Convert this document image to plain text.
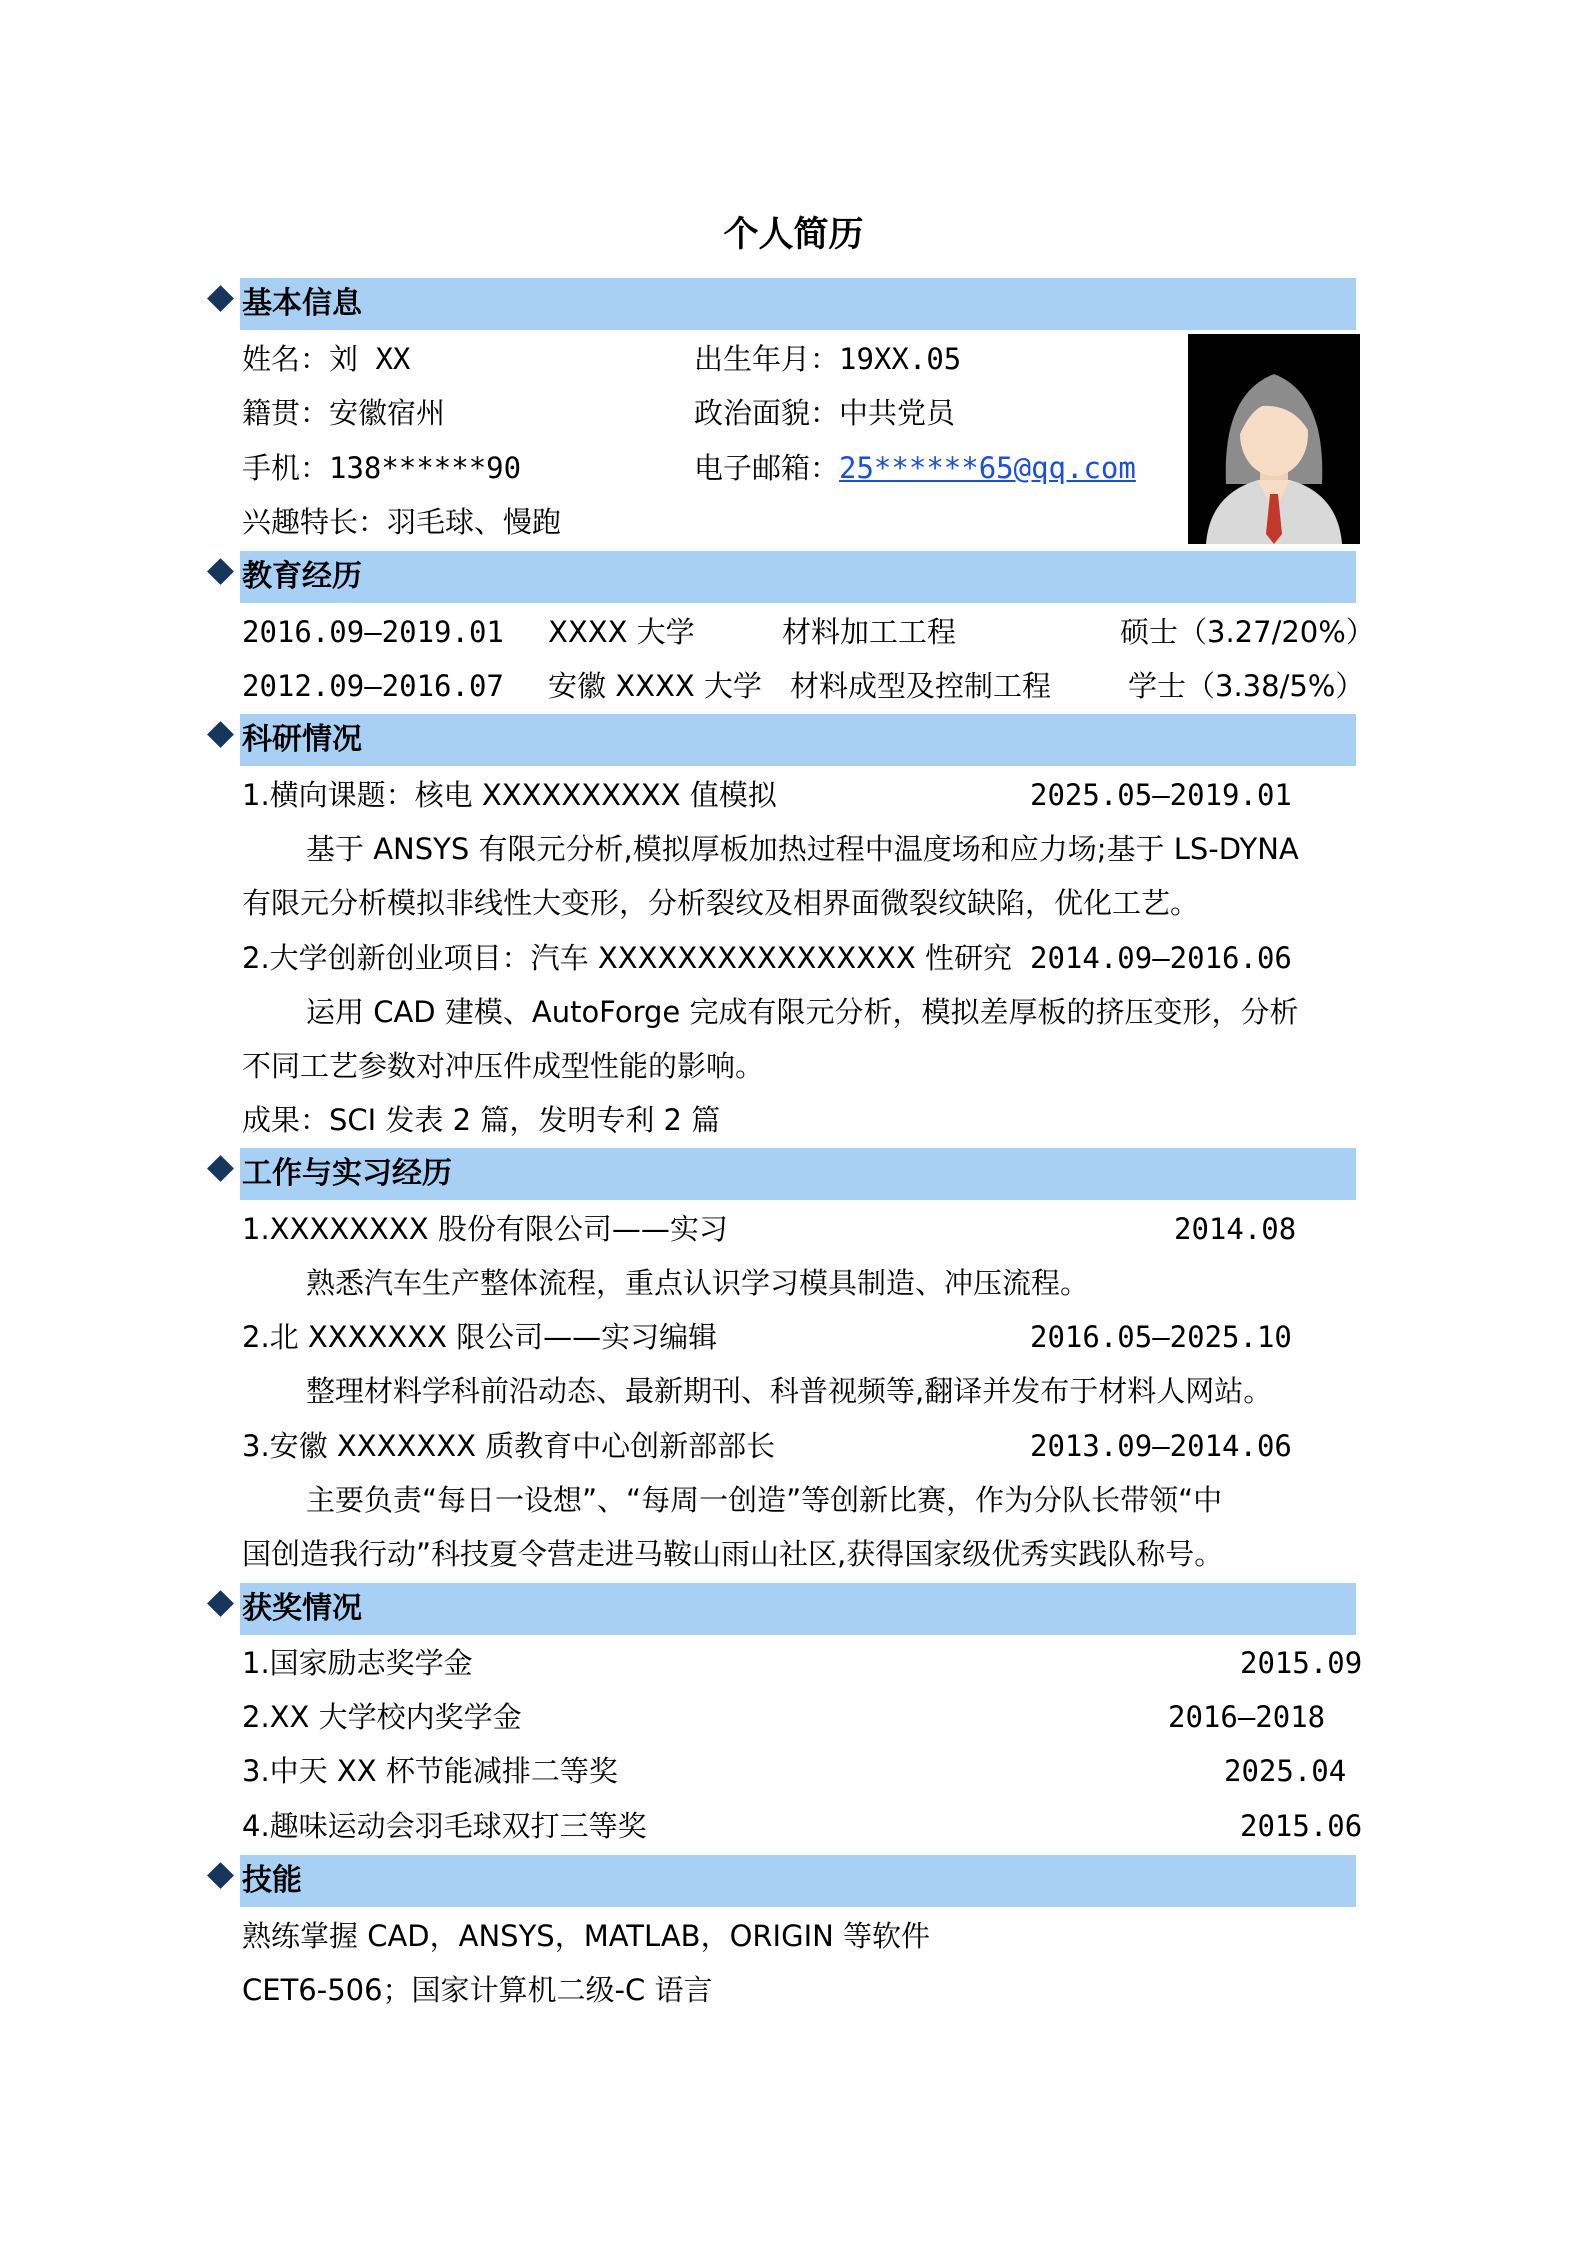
个人简历
基本信息
姓名：刘 XX	出生年月：19XX.05
籍贯：安徽宿州	政治面貌：中共党员
手机：138******90	电子邮箱：25******65@qq.com
兴趣特长：羽毛球、慢跑
教育经历
2016.09—2019.01 XXXX 大学	材料加工工程	硕士（3.27/20%）
2012.09—2016.07 安徽 XXXX 大学 材料成型及控制工程	学士（3.38/5%）
科研情况
1.横向课题：核电 XXXXXXXXXX 值模拟	2025.05—2019.01
基于 ANSYS 有限元分析,模拟厚板加热过程中温度场和应力场;基于 LS-DYNA
有限元分析模拟非线性大变形，分析裂纹及相界面微裂纹缺陷，优化工艺。
2.大学创新创业项目：汽车 XXXXXXXXXXXXXXXX 性研究 2014.09—2016.06
运用 CAD 建模、AutoForge 完成有限元分析，模拟差厚板的挤压变形，分析
不同工艺参数对冲压件成型性能的影响。
成果：SCI 发表 2 篇，发明专利 2 篇
工作与实习经历
1.XXXXXXXX 股份有限公司——实习	2014.08
熟悉汽车生产整体流程，重点认识学习模具制造、冲压流程。
2.北 XXXXXXX 限公司——实习编辑	2016.05—2025.10
整理材料学科前沿动态、最新期刊、科普视频等,翻译并发布于材料人网站。
3.安徽 XXXXXXX 质教育中心创新部部长	2013.09—2014.06
主要负责“每日一设想”、“每周一创造”等创新比赛，作为分队长带领“中
国创造我行动”科技夏令营走进马鞍山雨山社区,获得国家级优秀实践队称号。
获奖情况
1.国家励志奖学金	2015.09
2.XX 大学校内奖学金	2016—2018
3.中天 XX 杯节能减排二等奖	2025.04
4.趣味运动会羽毛球双打三等奖	2015.06
技能
熟练掌握 CAD，ANSYS，MATLAB，ORIGIN 等软件
CET6-506；国家计算机二级-C 语言
